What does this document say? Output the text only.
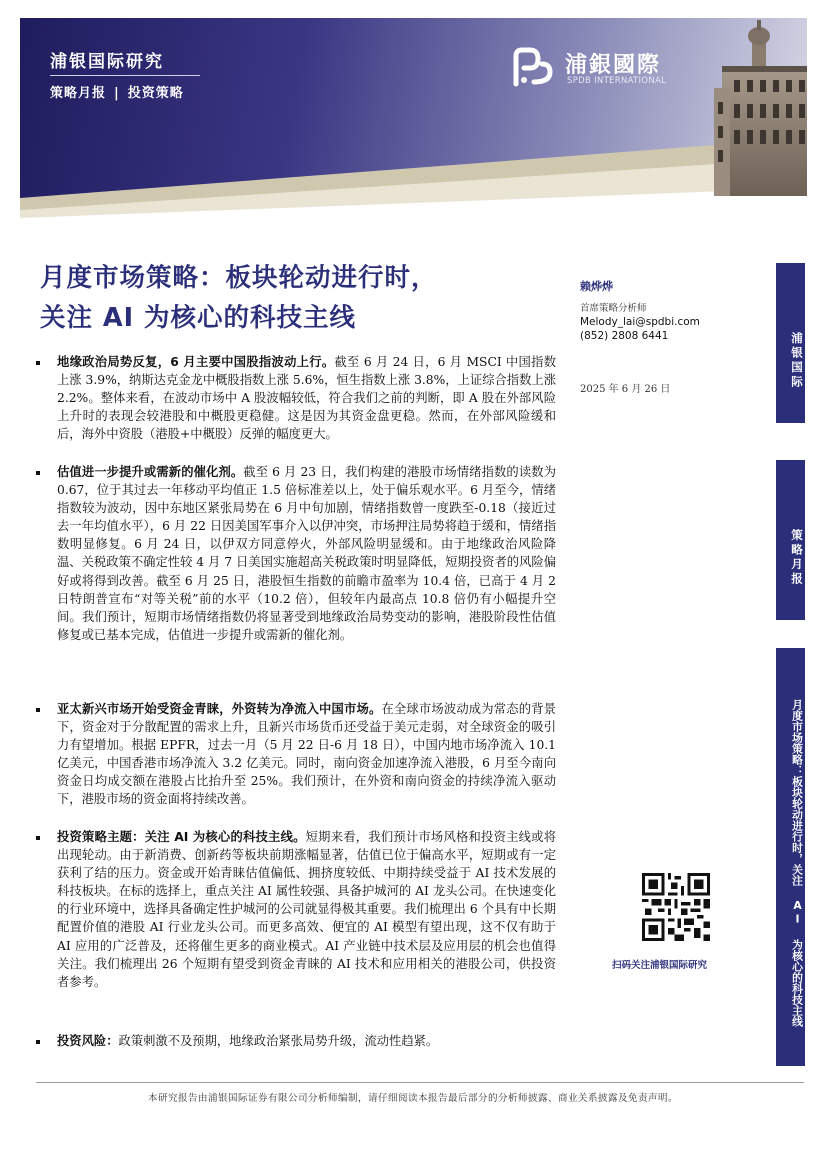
浦银国际研究
策略月报 | 投资策略
浦銀國際
SPDB INTERNATIONAL
月度市场策略：板块轮动进行时，
关注 AI 为核心的科技主线
地缘政治局势反复，6 月主要中国股指波动上行。截至 6 月 24 日，6 月 MSCI 中国指数上涨 3.9%，纳斯达克金龙中概股指数上涨 5.6%，恒生指数上涨 3.8%，上证综合指数上涨 2.2%。整体来看，在波动市场中 A 股波幅较低，符合我们之前的判断，即 A 股在外部风险上升时的表现会较港股和中概股更稳健。这是因为其资金盘更稳。然而，在外部风险缓和后，海外中资股（港股+中概股）反弹的幅度更大。
估值进一步提升或需新的催化剂。截至 6 月 23 日，我们构建的港股市场情绪指数的读数为 0.67，位于其过去一年移动平均值正 1.5 倍标准差以上，处于偏乐观水平。6 月至今，情绪指数较为波动，因中东地区紧张局势在 6 月中旬加剧，情绪指数曾一度跌至-0.18（接近过去一年均值水平），6 月 22 日因美国军事介入以伊冲突，市场押注局势将趋于缓和，情绪指数明显修复。6 月 24 日，以伊双方同意停火，外部风险明显缓和。由于地缘政治风险降温、关税政策不确定性较 4 月 7 日美国实施超高关税政策时明显降低，短期投资者的风险偏好或将得到改善。截至 6 月 25 日，港股恒生指数的前瞻市盈率为 10.4 倍，已高于 4 月 2 日特朗普宣布“对等关税”前的水平（10.2 倍），但较年内最高点 10.8 倍仍有小幅提升空间。我们预计，短期市场情绪指数仍将显著受到地缘政治局势变动的影响，港股阶段性估值修复或已基本完成，估值进一步提升或需新的催化剂。
亚太新兴市场开始受资金青睐，外资转为净流入中国市场。在全球市场波动成为常态的背景下，资金对于分散配置的需求上升，且新兴市场货币还受益于美元走弱，对全球资金的吸引力有望增加。根据 EPFR，过去一月（5 月 22 日-6 月 18 日），中国内地市场净流入 10.1 亿美元，中国香港市场净流入 3.2 亿美元。同时，南向资金加速净流入港股，6 月至今南向资金日均成交额在港股占比抬升至 25%。我们预计，在外资和南向资金的持续净流入驱动下，港股市场的资金面将持续改善。
投资策略主题：关注 AI 为核心的科技主线。短期来看，我们预计市场风格和投资主线或将出现轮动。由于新消费、创新药等板块前期涨幅显著，估值已位于偏高水平，短期或有一定获利了结的压力。资金或开始青睐估值偏低、拥挤度较低、中期持续受益于 AI 技术发展的科技板块。在标的选择上，重点关注 AI 属性较强、具备护城河的 AI 龙头公司。在快速变化的行业环境中，选择具备确定性护城河的公司就显得极其重要。我们梳理出 6 个具有中长期配置价值的港股 AI 行业龙头公司。而更多高效、便宜的 AI 模型有望出现，这不仅有助于 AI 应用的广泛普及，还将催生更多的商业模式。AI 产业链中技术层及应用层的机会也值得关注。我们梳理出 26 个短期有望受到资金青睐的 AI 技术和应用相关的港股公司，供投资者参考。
投资风险：政策刺激不及预期，地缘政治紧张局势升级，流动性趋紧。
赖烨烨
首席策略分析师
Melody_lai@spdbi.com
(852) 2808 6441
2025 年 6 月 26 日
扫码关注浦银国际研究
浦银国际
策略月报
月度市场策略：板块轮动进行时，关注 AI 为核心的科技主线
本研究报告由浦银国际证券有限公司分析师编制，请仔细阅读本报告最后部分的分析师披露、商业关系披露及免责声明。
